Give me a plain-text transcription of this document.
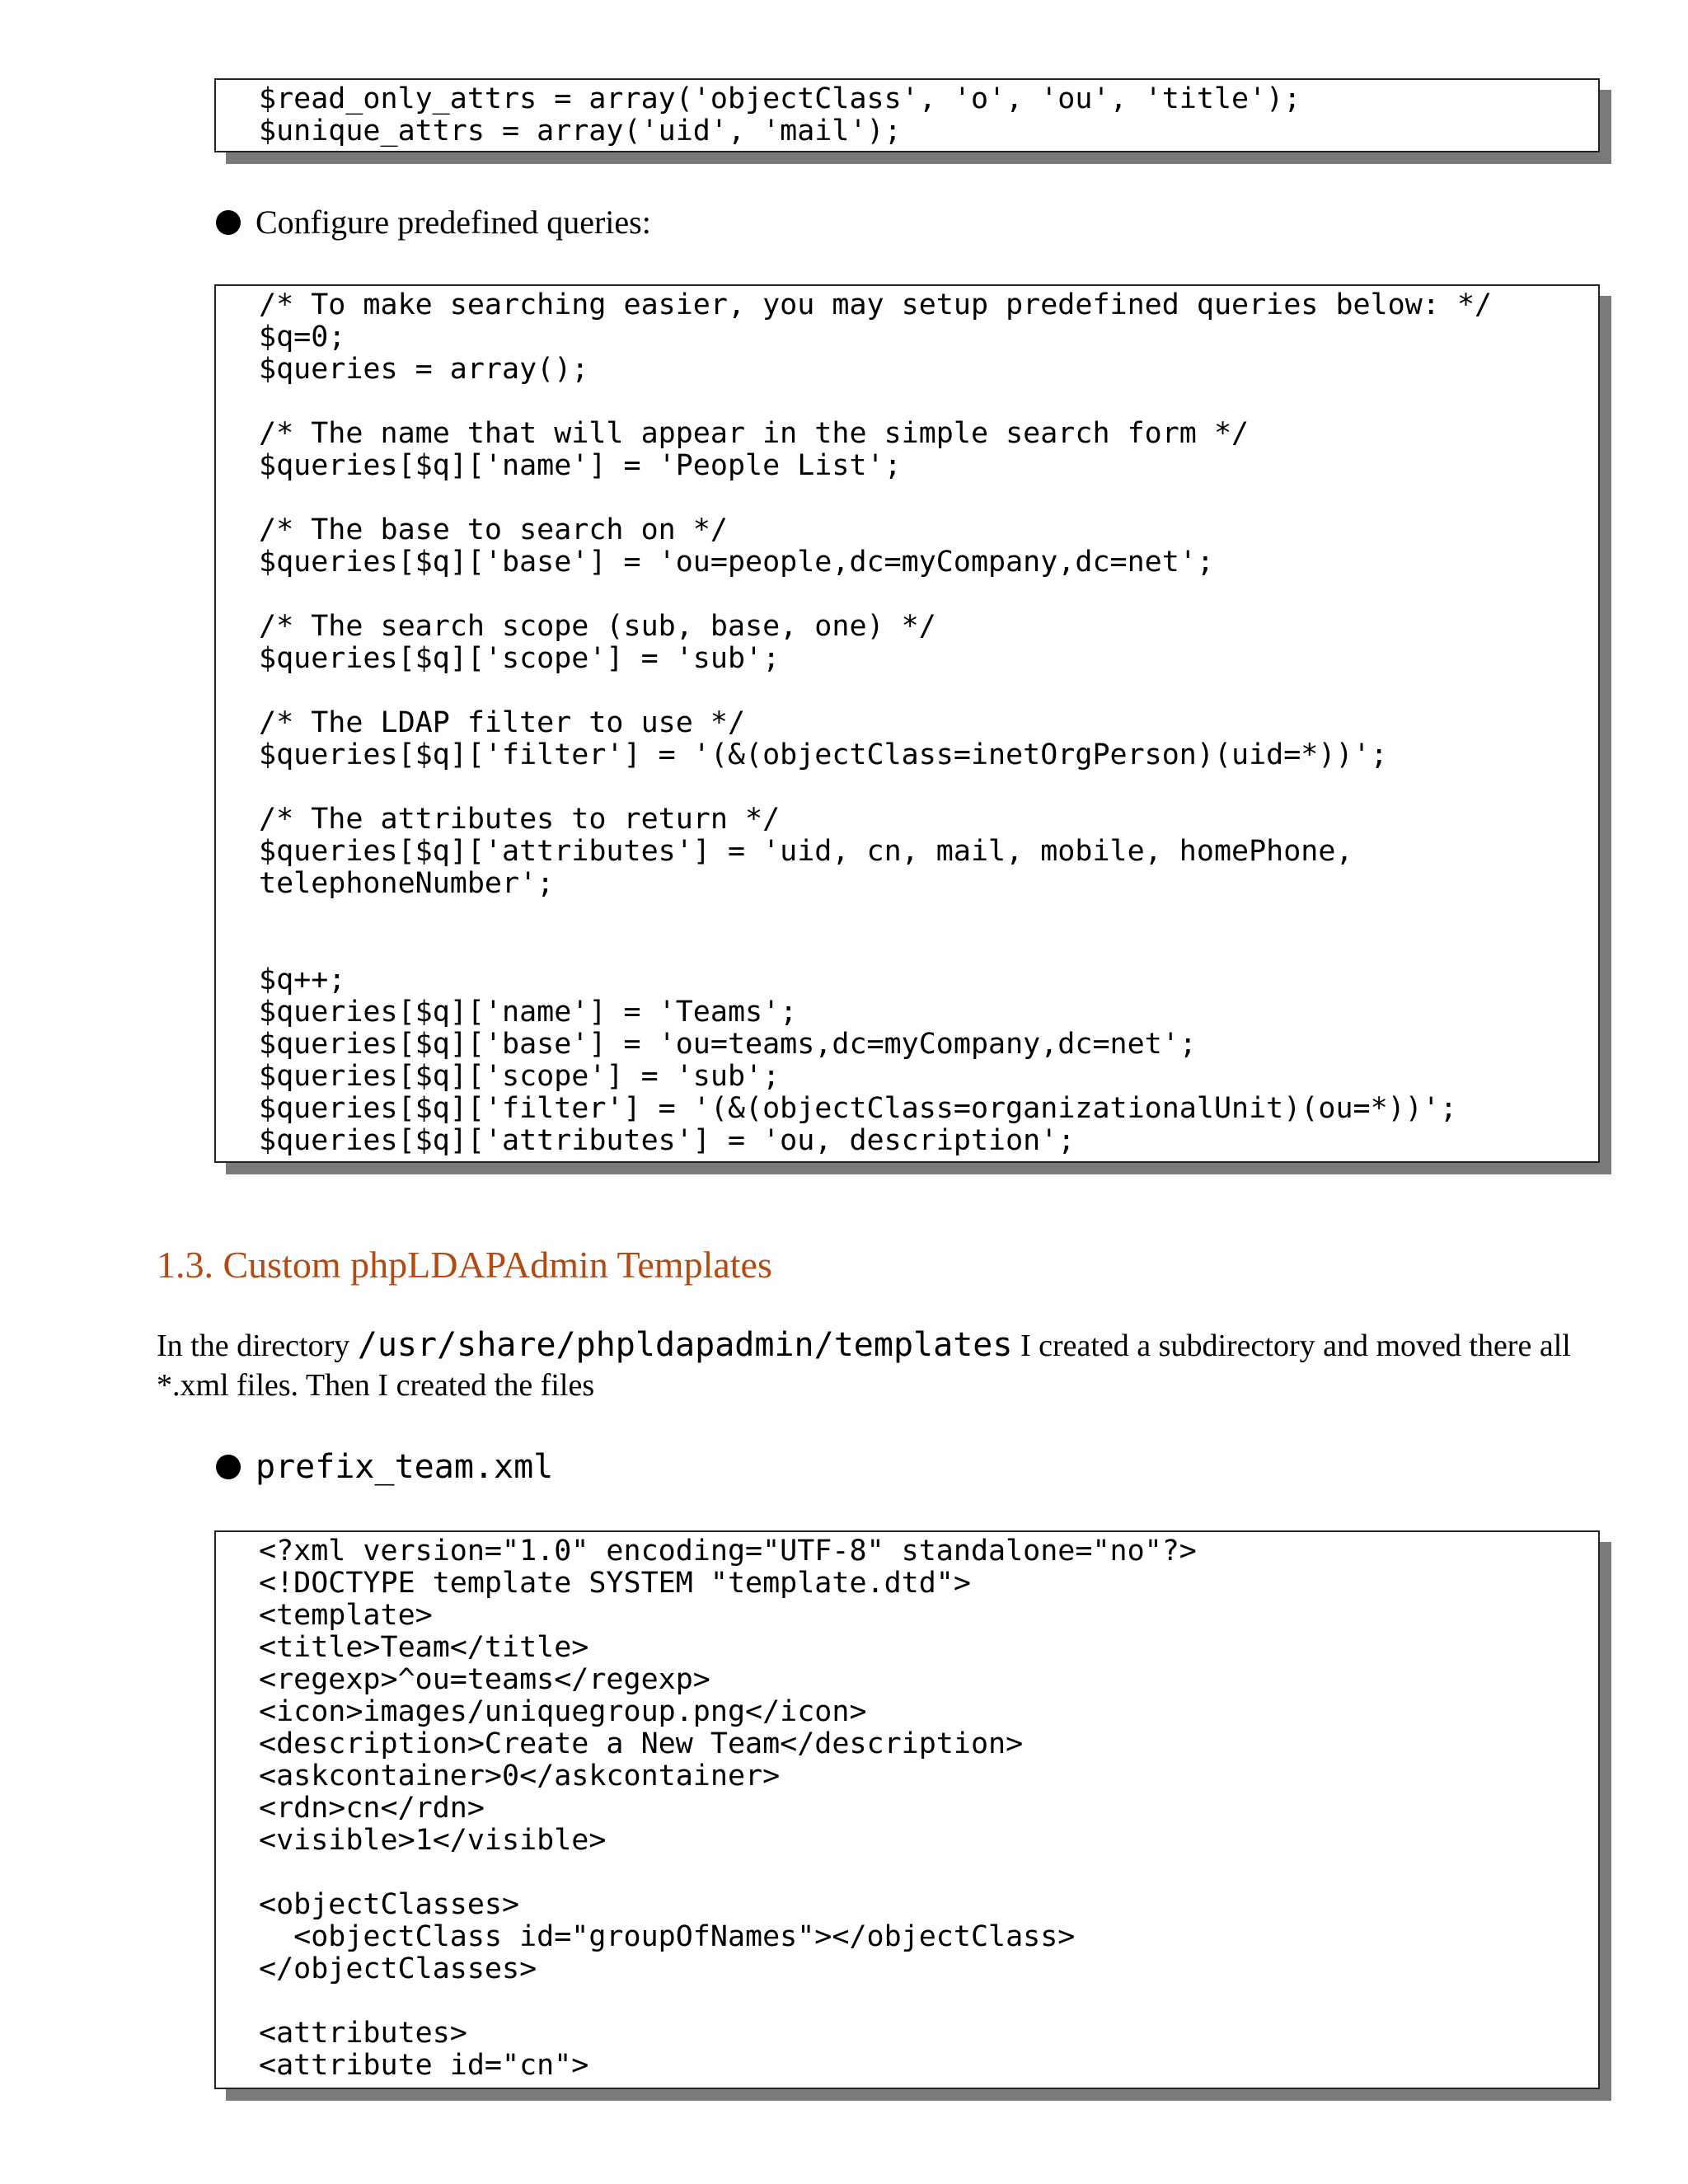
$read_only_attrs = array('objectClass', 'o', 'ou', 'title');
$unique_attrs = array('uid', 'mail');
Configure predefined queries:
/* To make searching easier, you may setup predefined queries below: */
$q=0;
$queries = array();
/* The name that will appear in the simple search form */
$queries[$q]['name'] = 'People List';
/* The base to search on */
$queries[$q]['base'] = 'ou=people,dc=myCompany,dc=net';
/* The search scope (sub, base, one) */
$queries[$q]['scope'] = 'sub';
/* The LDAP filter to use */
$queries[$q]['filter'] = '(&(objectClass=inetOrgPerson)(uid=*))';
/* The attributes to return */
$queries[$q]['attributes'] = 'uid, cn, mail, mobile, homePhone,
telephoneNumber';
$q++;
$queries[$q]['name'] = 'Teams';
$queries[$q]['base'] = 'ou=teams,dc=myCompany,dc=net';
$queries[$q]['scope'] = 'sub';
$queries[$q]['filter'] = '(&(objectClass=organizationalUnit)(ou=*))';
$queries[$q]['attributes'] = 'ou, description';
1.3. Custom phpLDAPAdmin Templates
In the directory /usr/share/phpldapadmin/templates I created a subdirectory and moved there all *.xml files. Then I created the files
prefix_team.xml
<?xml version="1.0" encoding="UTF-8" standalone="no"?>
<!DOCTYPE template SYSTEM "template.dtd">
<template>
<title>Team</title>
<regexp>^ou=teams</regexp>
<icon>images/uniquegroup.png</icon>
<description>Create a New Team</description>
<askcontainer>0</askcontainer>
<rdn>cn</rdn>
<visible>1</visible>
<objectClasses>
<objectClass id="groupOfNames"></objectClass>
</objectClasses>
<attributes>
<attribute id="cn">
